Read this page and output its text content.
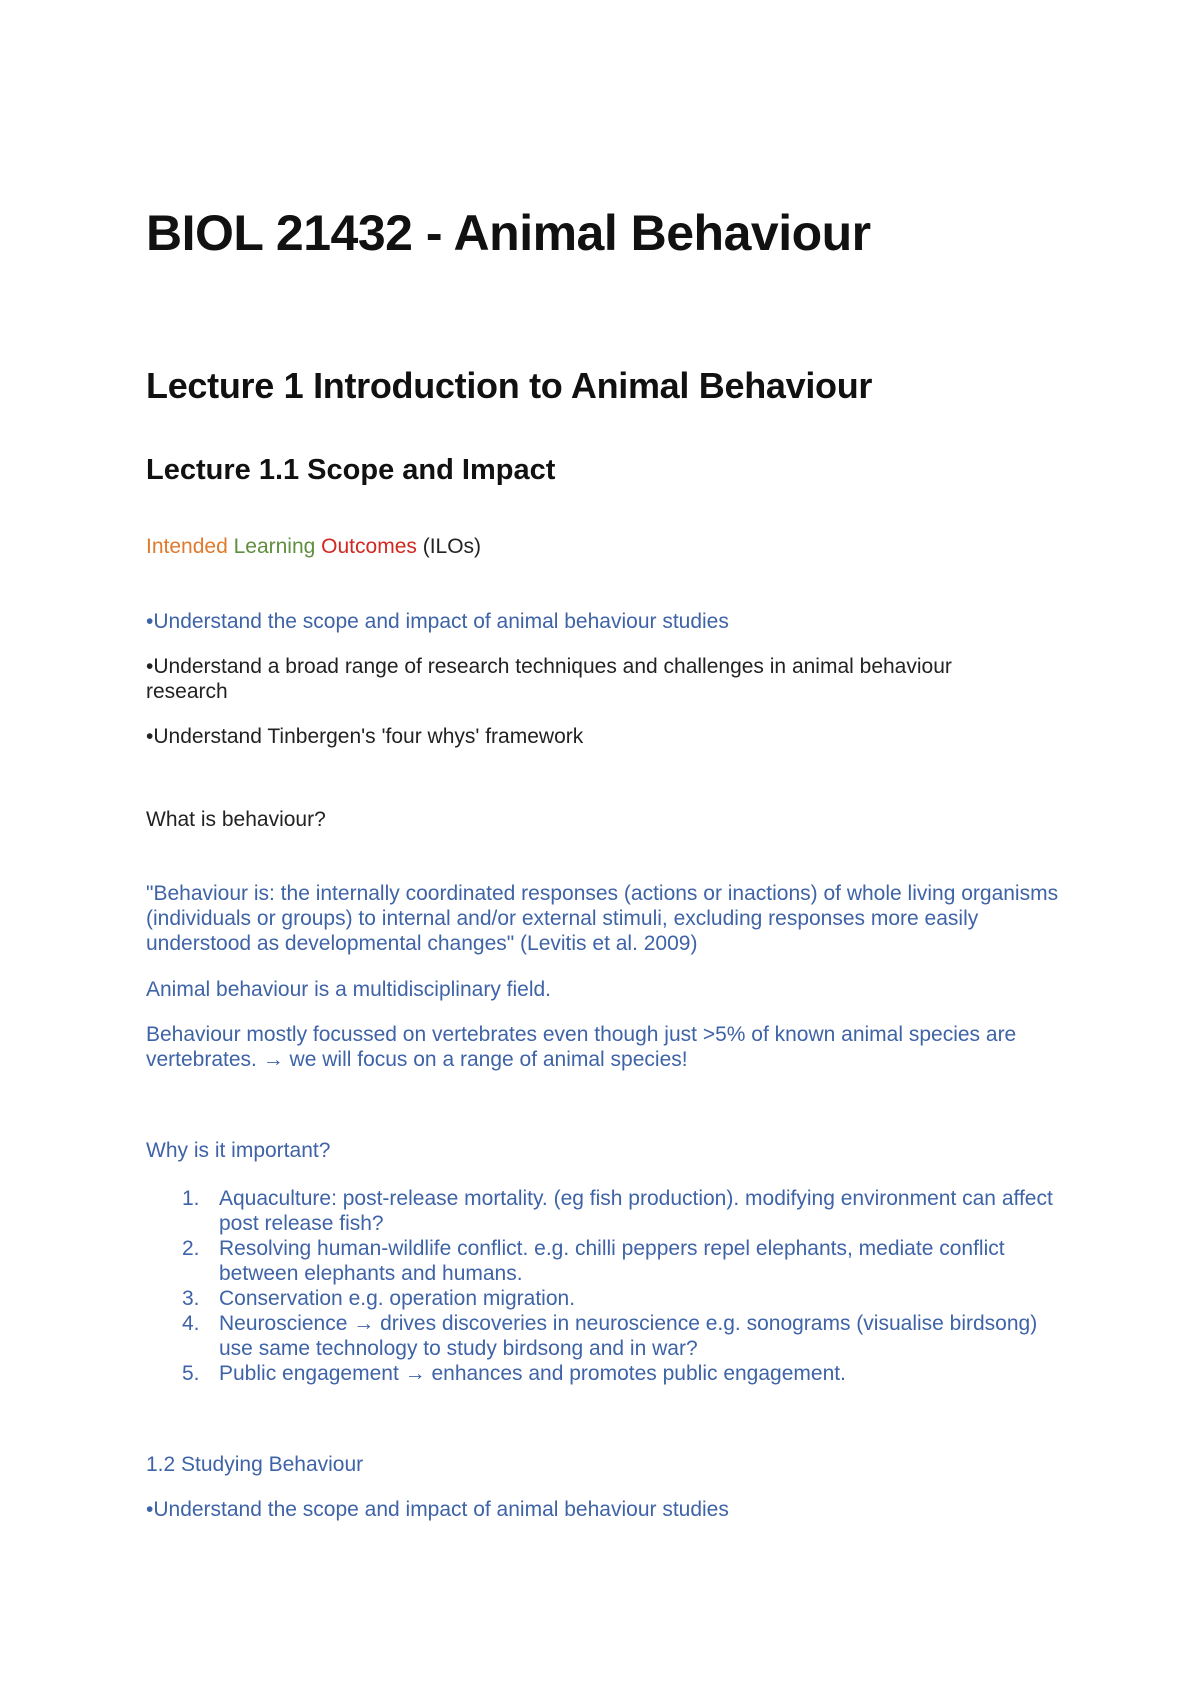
BIOL 21432 - Animal Behaviour
Lecture 1 Introduction to Animal Behaviour
Lecture 1.1 Scope and Impact

Intended Learning Outcomes (ILOs)

•Understand the scope and impact of animal behaviour studies

•Understand a broad range of research techniques and challenges in animal behaviour research

•Understand Tinbergen's 'four whys' framework

What is behaviour?

"Behaviour is: the internally coordinated responses (actions or inactions) of whole living organisms (individuals or groups) to internal and/or external stimuli, excluding responses more easily understood as developmental changes" (Levitis et al. 2009)

Animal behaviour is a multidisciplinary field.

Behaviour mostly focussed on vertebrates even though just >5% of known animal species are vertebrates. → we will focus on a range of animal species!

Why is it important?

1. Aquaculture: post-release mortality. (eg fish production). modifying environment can affect post release fish?
2. Resolving human-wildlife conflict. e.g. chilli peppers repel elephants, mediate conflict between elephants and humans.
3. Conservation e.g. operation migration.
4. Neuroscience → drives discoveries in neuroscience e.g. sonograms (visualise birdsong) use same technology to study birdsong and in war?
5. Public engagement → enhances and promotes public engagement.

1.2 Studying Behaviour

•Understand the scope and impact of animal behaviour studies
